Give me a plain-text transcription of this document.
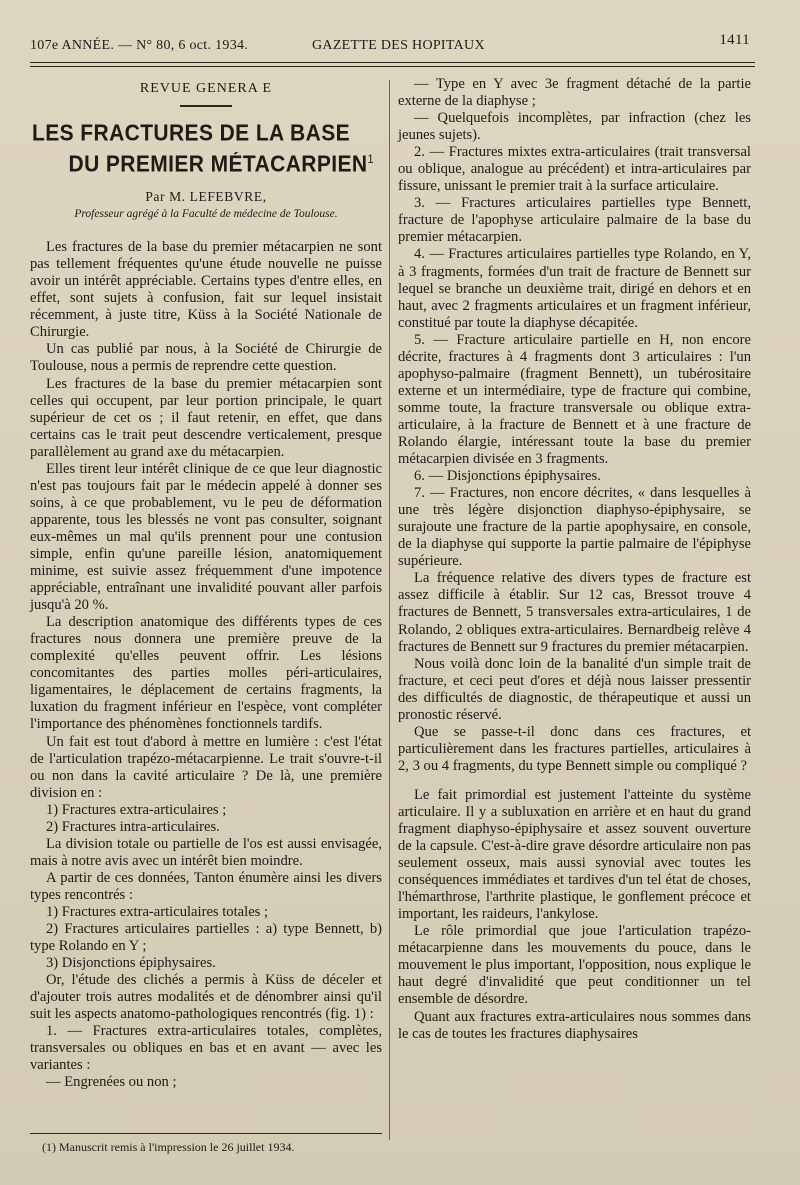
107e ANNÉE. — N° 80, 6 oct. 1934.	GAZETTE DES HOPITAUX	1411
REVUE GENERA E
LES FRACTURES DE LA BASE
DU PREMIER MÉTACARPIEN$^1$
Par M. LEFEBVRE,
Professeur agrégé à la Faculté de médecine de Toulouse.

Les fractures de la base du premier métacarpien ne sont pas tellement fréquentes qu'une étude nouvelle ne puisse avoir un intérêt appréciable. Certains types d'entre elles, en effet, sont sujets à confusion, fait sur lequel insistait récemment, à juste titre, Küss à la Société Nationale de Chirurgie.

Un cas publié par nous, à la Société de Chirurgie de Toulouse, nous a permis de reprendre cette question.

Les fractures de la base du premier métacarpien sont celles qui occupent, par leur portion principale, le quart supérieur de cet os ; il faut retenir, en effet, que dans certains cas le trait peut descendre verticalement, presque parallèlement au grand axe du métacarpien.

Elles tirent leur intérêt clinique de ce que leur diagnostic n'est pas toujours fait par le médecin appelé à donner ses soins, à ce que probablement, vu le peu de déformation apparente, tous les blessés ne vont pas consulter, soignant eux-mêmes un mal qu'ils prennent pour une contusion simple, enfin qu'une pareille lésion, anatomiquement minime, est suivie assez fréquemment d'une impotence appréciable, entraînant une invalidité pouvant aller parfois jusqu'à 20 %.

La description anatomique des différents types de ces fractures nous donnera une première preuve de la complexité qu'elles peuvent offrir. Les lésions concomitantes des parties molles péri-articulaires, ligamentaires, le déplacement de certains fragments, la luxation du fragment inférieur en l'espèce, vont compléter l'importance des phénomènes fonctionnels tardifs.

Un fait est tout d'abord à mettre en lumière : c'est l'état de l'articulation trapézo-métacarpienne. Le trait s'ouvre-t-il ou non dans la cavité articulaire ? De là, une première division en :

1) Fractures extra-articulaires ;

2) Fractures intra-articulaires.

La division totale ou partielle de l'os est aussi envisagée, mais à notre avis avec un intérêt bien moindre.

A partir de ces données, Tanton énumère ainsi les divers types rencontrés :

1) Fractures extra-articulaires totales ;

2) Fractures articulaires partielles : a) type Bennett, b) type Rolando en Y ;

3) Disjonctions épiphysaires.

Or, l'étude des clichés a permis à Küss de déceler et d'ajouter trois autres modalités et de dénombrer ainsi qu'il suit les aspects anatomo-pathologiques rencontrés (fig. 1) :

1. — Fractures extra-articulaires totales, complètes, transversales ou obliques en bas et en avant — avec les variantes :

— Engrenées ou non ;

— Type en Y avec 3e fragment détaché de la partie externe de la diaphyse ;

— Quelquefois incomplètes, par infraction (chez les jeunes sujets).

2. — Fractures mixtes extra-articulaires (trait transversal ou oblique, analogue au précédent) et intra-articulaires par fissure, unissant le premier trait à la surface articulaire.

3. — Fractures articulaires partielles type Bennett, fracture de l'apophyse articulaire palmaire de la base du premier métacarpien.

4. — Fractures articulaires partielles type Rolando, en Y, à 3 fragments, formées d'un trait de fracture de Bennett sur lequel se branche un deuxième trait, dirigé en dehors et en haut, avec 2 fragments articulaires et un fragment inférieur, constitué par toute la diaphyse décapitée.

5. — Fracture articulaire partielle en H, non encore décrite, fractures à 4 fragments dont 3 articulaires : l'un apophyso-palmaire (fragment Bennett), un tubérositaire externe et un intermédiaire, type de fracture qui combine, somme toute, la fracture transversale ou oblique extra-articulaire, à la fracture de Bennett et à une fracture de Rolando élargie, intéressant toute la base du premier métacarpien divisée en 3 fragments.

6. — Disjonctions épiphysaires.

7. — Fractures, non encore décrites, « dans lesquelles à une très légère disjonction diaphyso-épiphysaire, se surajoute une fracture de la partie apophysaire, en console, de la diaphyse qui supporte la partie palmaire de l'épiphyse supérieure.

La fréquence relative des divers types de fracture est assez difficile à établir. Sur 12 cas, Bressot trouve 4 fractures de Bennett, 5 transversales extra-articulaires, 1 de Rolando, 2 obliques extra-articulaires. Bernardbeig relève 4 fractures de Bennett sur 9 fractures du premier métacarpien.

Nous voilà donc loin de la banalité d'un simple trait de fracture, et ceci peut d'ores et déjà nous laisser pressentir des difficultés de diagnostic, de thérapeutique et aussi un pronostic réservé.

Que se passe-t-il donc dans ces fractures, et particulièrement dans les fractures partielles, articulaires à 2, 3 ou 4 fragments, du type Bennett simple ou compliqué ?

Le fait primordial est justement l'atteinte du système articulaire. Il y a subluxation en arrière et en haut du grand fragment diaphyso-épiphysaire et assez souvent ouverture de la capsule. C'est-à-dire grave désordre articulaire non pas seulement osseux, mais aussi synovial avec toutes les conséquences immédiates et tardives d'un tel état de choses, l'hémarthrose, l'arthrite plastique, le gonflement précoce et important, les raideurs, l'ankylose.

Le rôle primordial que joue l'articulation trapézo-métacarpienne dans les mouvements du pouce, dans le mouvement le plus important, l'opposition, nous explique le haut degré d'invalidité que peut conditionner un tel ensemble de désordre.

Quant aux fractures extra-articulaires nous sommes dans le cas de toutes les fractures diaphysaires

(1) Manuscrit remis à l'impression le 26 juillet 1934.
